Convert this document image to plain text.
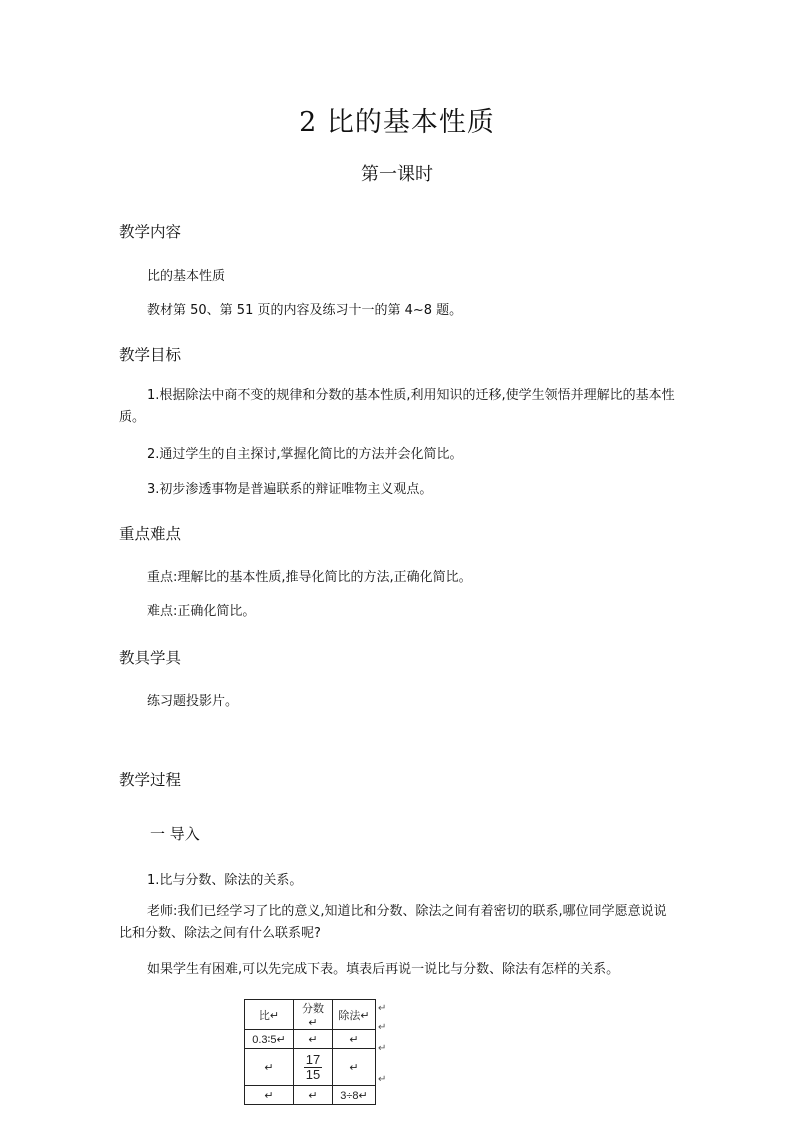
2 比的基本性质
第一课时
教学内容
比的基本性质
教材第 50、第 51 页的内容及练习十一的第 4~8 题。
教学目标
1.根据除法中商不变的规律和分数的基本性质,利用知识的迁移,使学生领悟并理解比的基本性质。
2.通过学生的自主探讨,掌握化简比的方法并会化简比。
3.初步渗透事物是普遍联系的辩证唯物主义观点。
重点难点
重点:理解比的基本性质,推导化简比的方法,正确化简比。
难点:正确化简比。
教具学具
练习题投影片。
教学过程
一 导入
1.比与分数、除法的关系。
老师:我们已经学习了比的意义,知道比和分数、除法之间有着密切的联系,哪位同学愿意说说比和分数、除法之间有什么联系呢?
如果学生有困难,可以先完成下表。填表后再说一说比与分数、除法有怎样的关系。
比↵	分数↵	除法↵
0.3∶5↵	↵	↵
↵	$\frac{17}{15}$	↵
↵	↵	3÷8↵
↵
↵
↵
↵
